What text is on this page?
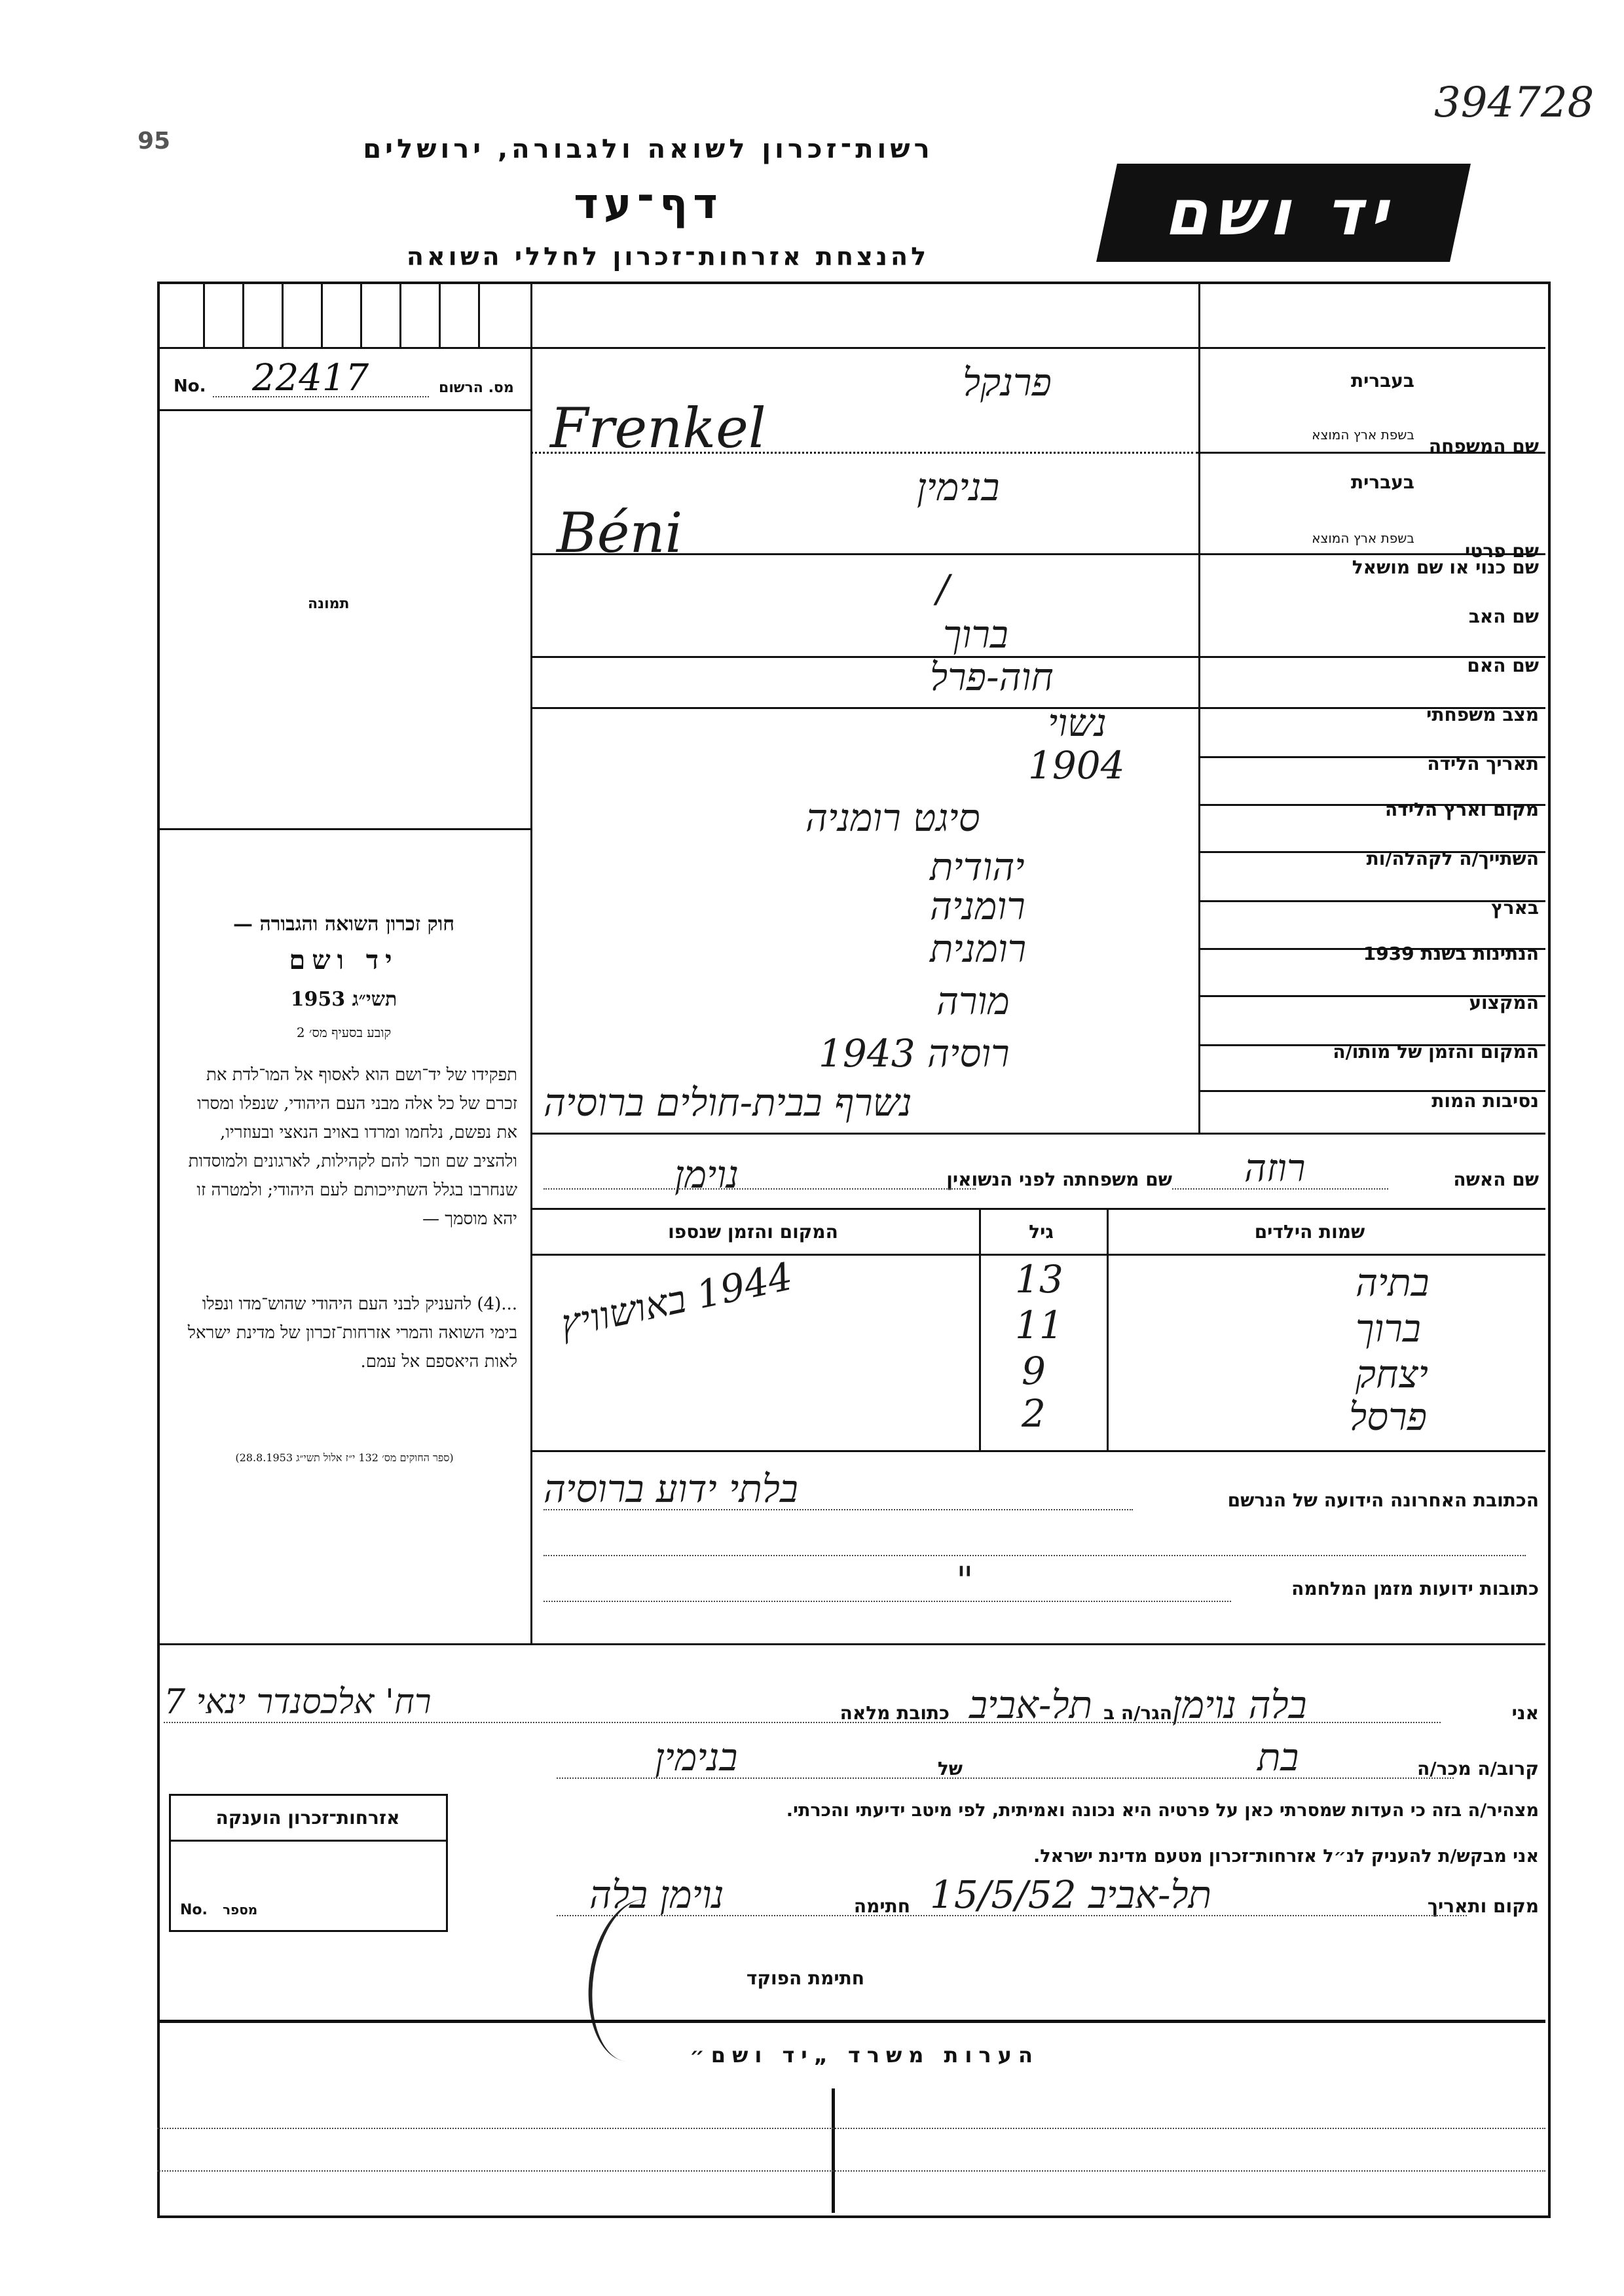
394728
95	רשות־זכרון לשואה ולגבורה, ירושלים
דף־עד
להנצחת אזרחות־זכרון לחללי השואה
יד ושם
No. 22417	מס. הרשום
תמונה
שם המשפחה
בעברית
בשפת ארץ המוצא
פרנקל
Frenkel
שם פרטי
בעברית
בשפת ארץ המוצא
בנימין
Béni
שם כנוי או שם מושאל
/
שם האב
ברוך
שם האם
חוה-פרל
מצב משפחתי
נשוי
תאריך הלידה
1904
מקום וארץ הלידה
סיגט רומניה
השתייך/ה לקהלה/ות
יהודית
בארץ
רומניה
הנתינות בשנת 1939
רומנית
המקצוע
מורה
המקום והזמן של מותו/ה
רוסיה 1943
נסיבות המות
נשרף בבית-חולים ברוסיה
שם האשה
רוזה
שם משפחתה לפני הנשואין
נוימן
שמות הילדים
גיל
המקום והזמן שנספו
בתיה
13
ברוך
11
יצחק
9
פרסל
2
1944 באושוויץ
חוק זכרון השואה והגבורה —
יד ושם
תשי״ג 1953
קובע בסעיף מס׳ 2
תפקידו של יד־ושם הוא לאסוף אל המו־לדת את זכרם של כל אלה מבני העם היהודי, שנפלו ומסרו את נפשם, נלחמו ומרדו באויב הנאצי ובעוזריו, ולהציב שם וזכר להם לקהילות, לארגונים ולמוסדות שנחרבו בגלל השתייכותם לעם היהודי; ולמטרה זו יהא מוסמך —
...(4) להעניק לבני העם היהודי שהוש־מדו ונפלו בימי השואה והמרי אזרחות־זכרון של מדינת ישראל לאות היאספם אל עמם.
(ספר החוקים מס׳ 132 י״ז אלול תשי״ג 28.8.1953)
הכתובת האחרונה הידועה של הנרשם
בלתי ידוע ברוסיה
כתובות ידועות מזמן המלחמה
"
אני
בלה נוימן
הגר/ה ב
תל-אביב
כתובת מלאה
רח' אלכסנדר ינאי 7
קרוב/ה מכר/ה
בת
של
בנימין
מצהיר/ה בזה כי העדות שמסרתי כאן על פרטיה היא נכונה ואמיתית, לפי מיטב ידיעתי והכרתי.
אני מבקש/ת להעניק לנ״ל אזרחות־זכרון מטעם מדינת ישראל.
מקום ותאריך
תל-אביב 15/5/52
חתימה
נוימן בלה
חתימת הפוקד
אזרחות־זכרון הוענקה
No. מספר
הערות משרד „יד ושם״
